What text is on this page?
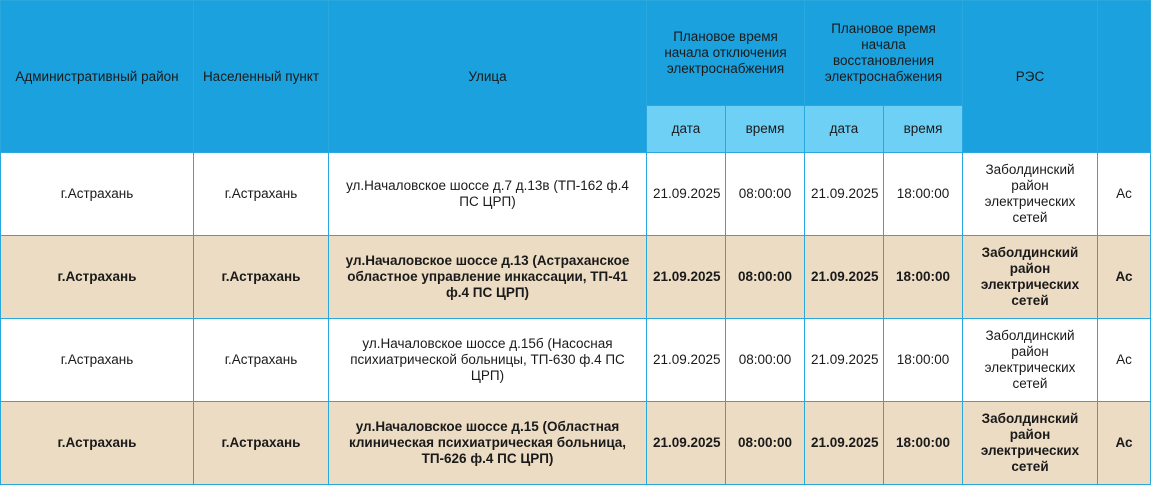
Административный район	Населенный пункт	Улица	Плановое время начала отключения электроснабжения		Плановое время начала восстановления электроснабжения		РЭС	
			дата	время	дата	время		
г.Астрахань	г.Астрахань	ул.Началовское шоссе д.7 д.13в (ТП-162 ф.4 ПС ЦРП)	21.09.2025	08:00:00	21.09.2025	18:00:00	Заболдинский район электрических сетей	Ас
г.Астрахань	г.Астрахань	ул.Началовское шоссе д.13 (Астраханское областное управление инкассации, ТП-41 ф.4 ПС ЦРП)	21.09.2025	08:00:00	21.09.2025	18:00:00	Заболдинский район электрических сетей	Ас
г.Астрахань	г.Астрахань	ул.Началовское шоссе д.15б (Насосная психиатрической больницы, ТП-630 ф.4 ПС ЦРП)	21.09.2025	08:00:00	21.09.2025	18:00:00	Заболдинский район электрических сетей	Ас
г.Астрахань	г.Астрахань	ул.Началовское шоссе д.15 (Областная клиническая психиатрическая больница, ТП-626 ф.4 ПС ЦРП)	21.09.2025	08:00:00	21.09.2025	18:00:00	Заболдинский район электрических сетей	Ас
